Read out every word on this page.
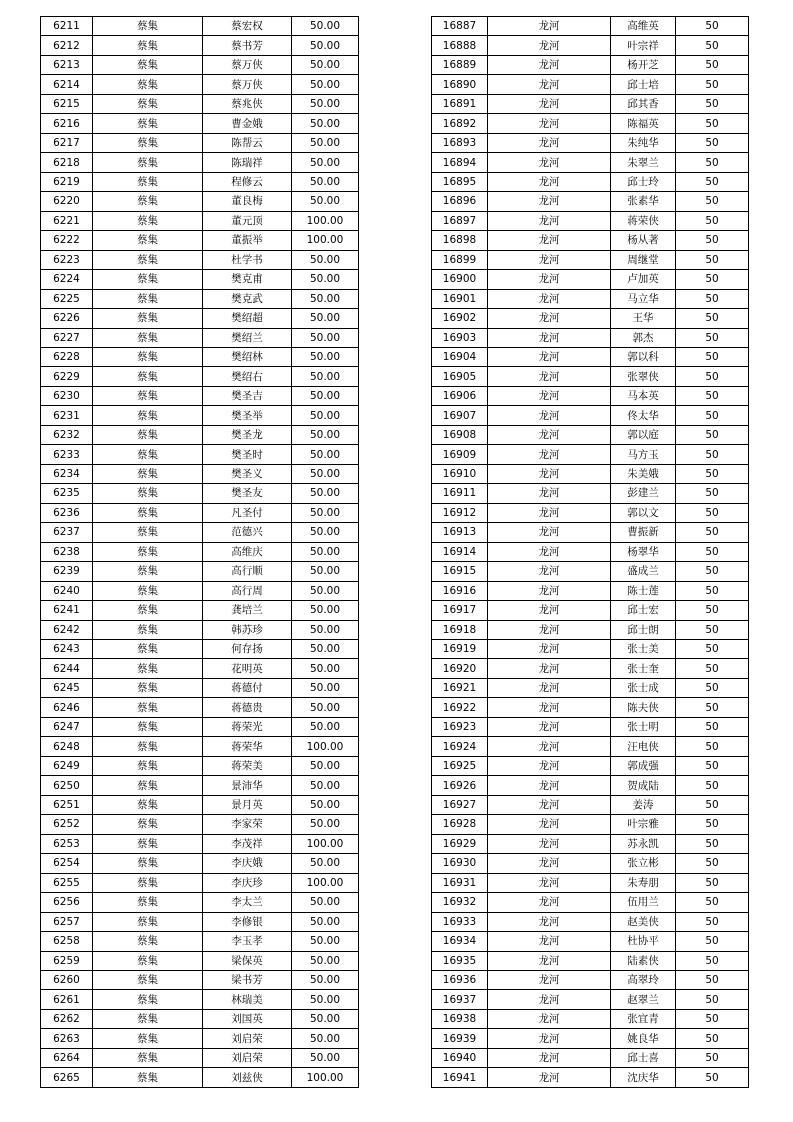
6211	蔡集	蔡宏权	50.00
6212	蔡集	蔡书芳	50.00
6213	蔡集	蔡万侠	50.00
6214	蔡集	蔡万侠	50.00
6215	蔡集	蔡兆侠	50.00
6216	蔡集	曹金娥	50.00
6217	蔡集	陈帮云	50.00
6218	蔡集	陈瑞祥	50.00
6219	蔡集	程修云	50.00
6220	蔡集	董良梅	50.00
6221	蔡集	董元顶	100.00
6222	蔡集	董振举	100.00
6223	蔡集	杜学书	50.00
6224	蔡集	樊克甫	50.00
6225	蔡集	樊克武	50.00
6226	蔡集	樊绍超	50.00
6227	蔡集	樊绍兰	50.00
6228	蔡集	樊绍林	50.00
6229	蔡集	樊绍右	50.00
6230	蔡集	樊圣吉	50.00
6231	蔡集	樊圣举	50.00
6232	蔡集	樊圣龙	50.00
6233	蔡集	樊圣时	50.00
6234	蔡集	樊圣义	50.00
6235	蔡集	樊圣友	50.00
6236	蔡集	凡圣付	50.00
6237	蔡集	范德兴	50.00
6238	蔡集	高维庆	50.00
6239	蔡集	高行顺	50.00
6240	蔡集	高行周	50.00
6241	蔡集	龚培兰	50.00
6242	蔡集	韩苏珍	50.00
6243	蔡集	何存扬	50.00
6244	蔡集	花明英	50.00
6245	蔡集	蒋德付	50.00
6246	蔡集	蒋德贵	50.00
6247	蔡集	蒋荣光	50.00
6248	蔡集	蒋荣华	100.00
6249	蔡集	蒋荣美	50.00
6250	蔡集	景沛华	50.00
6251	蔡集	景月英	50.00
6252	蔡集	李家荣	50.00
6253	蔡集	李茂祥	100.00
6254	蔡集	李庆娥	50.00
6255	蔡集	李庆珍	100.00
6256	蔡集	李太兰	50.00
6257	蔡集	李修银	50.00
6258	蔡集	李玉孝	50.00
6259	蔡集	梁保英	50.00
6260	蔡集	梁书芳	50.00
6261	蔡集	林瑞美	50.00
6262	蔡集	刘国英	50.00
6263	蔡集	刘启荣	50.00
6264	蔡集	刘启荣	50.00
6265	蔡集	刘兹侠	100.00
16887	龙河	高维英	50
16888	龙河	叶宗祥	50
16889	龙河	杨开芝	50
16890	龙河	邱士培	50
16891	龙河	邱其香	50
16892	龙河	陈福英	50
16893	龙河	朱纯华	50
16894	龙河	朱翠兰	50
16895	龙河	邱士玲	50
16896	龙河	张素华	50
16897	龙河	蒋荣侠	50
16898	龙河	杨从著	50
16899	龙河	周继堂	50
16900	龙河	卢加英	50
16901	龙河	马立华	50
16902	龙河	王华	50
16903	龙河	郭杰	50
16904	龙河	郭以科	50
16905	龙河	张翠侠	50
16906	龙河	马本英	50
16907	龙河	佟太华	50
16908	龙河	郭以庭	50
16909	龙河	马方玉	50
16910	龙河	朱美娥	50
16911	龙河	彭建兰	50
16912	龙河	郭以文	50
16913	龙河	曹振新	50
16914	龙河	杨翠华	50
16915	龙河	盛成兰	50
16916	龙河	陈士莲	50
16917	龙河	邱士宏	50
16918	龙河	邱士朗	50
16919	龙河	张士美	50
16920	龙河	张士奎	50
16921	龙河	张士成	50
16922	龙河	陈夫侠	50
16923	龙河	张士明	50
16924	龙河	汪电侠	50
16925	龙河	郭成强	50
16926	龙河	贺成陆	50
16927	龙河	姜涛	50
16928	龙河	叶宗雅	50
16929	龙河	苏永凯	50
16930	龙河	张立彬	50
16931	龙河	朱寿朋	50
16932	龙河	伍用兰	50
16933	龙河	赵美侠	50
16934	龙河	杜协平	50
16935	龙河	陆素侠	50
16936	龙河	高翠玲	50
16937	龙河	赵翠兰	50
16938	龙河	张宜青	50
16939	龙河	姚良华	50
16940	龙河	邱士喜	50
16941	龙河	沈庆华	50
